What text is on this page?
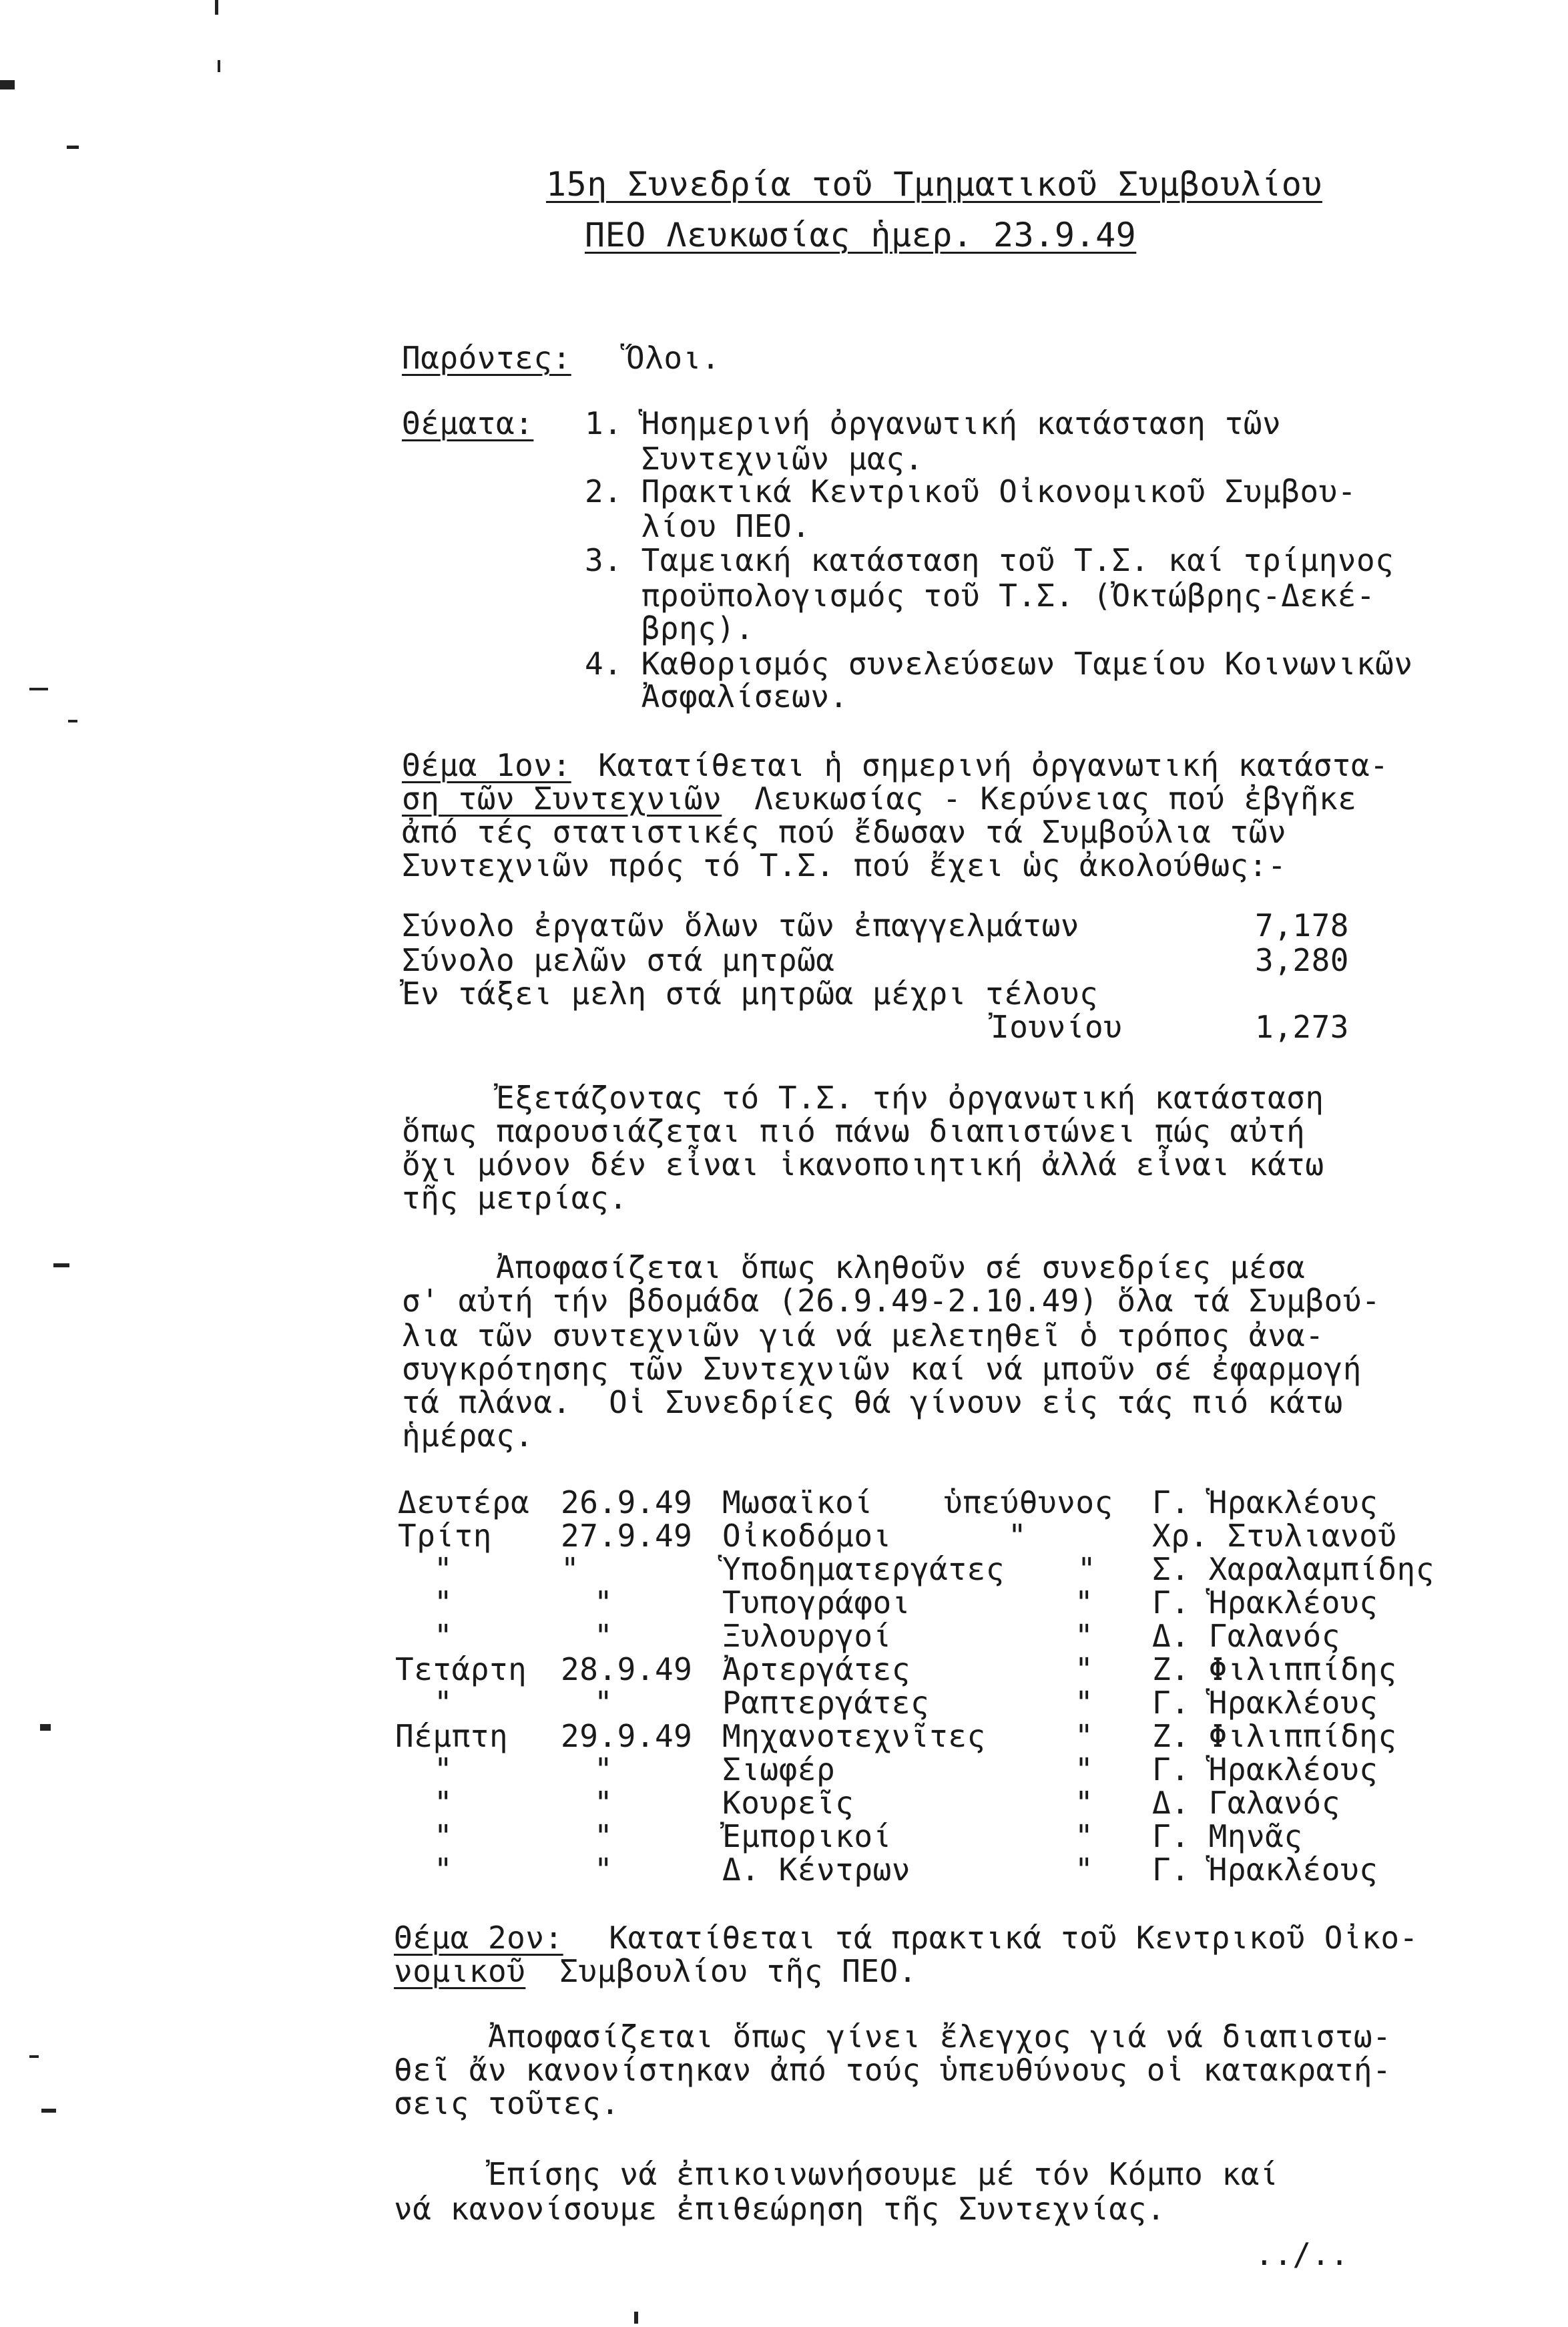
15η Συνεδρία τοῦ Τμηματικοῦ Συμβουλίου
ΠΕΟ Λευκωσίας ἡμερ. 23.9.49
Παρόντες: Ὅλοι.
Θέματα: 1. Ἡσημερινή ὀργανωτική κατάσταση τῶν
Συντεχνιῶν μας.
2. Πρακτικά Κεντρικοῦ Οἰκονομικοῦ Συμβου-
λίου ΠΕΟ.
3. Ταμειακή κατάσταση τοῦ Τ.Σ. καί τρίμηνος
προϋπολογισμός τοῦ Τ.Σ. (Ὀκτώβρης-Δεκέ-
βρης).
4. Καθορισμός συνελεύσεων Ταμείου Κοινωνικῶν
Ἀσφαλίσεων.
Θέμα 1ον: Κατατίθεται ἡ σημερινή ὀργανωτική κατάστα-
ση τῶν Συντεχνιῶν Λευκωσίας - Κερύνειας πού ἐβγῆκε
ἀπό τές στατιστικές πού ἔδωσαν τά Συμβούλια τῶν
Συντεχνιῶν πρός τό Τ.Σ. πού ἔχει ὡς ἀκολούθως:-
Σύνολο ἐργατῶν ὅλων τῶν ἐπαγγελμάτων	7,178
Σύνολο μελῶν στά μητρῶα	3,280
Ἐν τάξει μελη στά μητρῶα μέχρι τέλους
Ἰουνίου	1,273
Ἐξετάζοντας τό Τ.Σ. τήν ὀργανωτική κατάσταση
ὅπως παρουσιάζεται πιό πάνω διαπιστώνει πώς αὐτή
ὄχι μόνον δέν εἶναι ἱκανοποιητική ἀλλά εἶναι κάτω
τῆς μετρίας.
Ἀποφασίζεται ὅπως κληθοῦν σέ συνεδρίες μέσα
σ' αὐτή τήν βδομάδα (26.9.49-2.10.49) ὅλα τά Συμβού-
λια τῶν συντεχνιῶν γιά νά μελετηθεῖ ὁ τρόπος ἀνα-
συγκρότησης τῶν Συντεχνιῶν καί νά μποῦν σέ ἐφαρμογή
τά πλάνα.  Οἱ Συνεδρίες θά γίνουν εἰς τάς πιό κάτω
ἡμέρας.
Δευτέρα 26.9.49 Μωσαϊκοί ὑπεύθυνος Γ. Ἡρακλέους
Τρίτη 27.9.49 Οἰκοδόμοι	"	Χρ. Στυλιανοῦ
"	"	Ὑποδηματεργάτες " Σ. Χαραλαμπίδης
"	"	Τυπογράφοι	" Γ. Ἡρακλέους
"	"	Ξυλουργοί	" Δ. Γαλανός
Τετάρτη 28.9.49 Ἀρτεργάτες	" Ζ. Φιλιππίδης
"	"	Ραπτεργάτες	" Γ. Ἡρακλέους
Πέμπτη 29.9.49 Μηχανοτεχνῖτες	" Ζ. Φιλιππίδης
"	"	Σιωφέρ	" Γ. Ἡρακλέους
"	"	Κουρεῖς	" Δ. Γαλανός
"	"	Ἐμπορικοί	" Γ. Μηνᾶς
"	"	Δ. Κέντρων	" Γ. Ἡρακλέους
Θέμα 2ον: Κατατίθεται τά πρακτικά τοῦ Κεντρικοῦ Οἰκο-
νομικοῦ Συμβουλίου τῆς ΠΕΟ.
Ἀποφασίζεται ὅπως γίνει ἔλεγχος γιά νά διαπιστω-
θεῖ ἄν κανονίστηκαν ἀπό τούς ὑπευθύνους οἱ κατακρατή-
σεις τοῦτες.
Ἐπίσης νά ἐπικοινωνήσουμε μέ τόν Κόμπο καί
νά κανονίσουμε ἐπιθεώρηση τῆς Συντεχνίας.
../..
